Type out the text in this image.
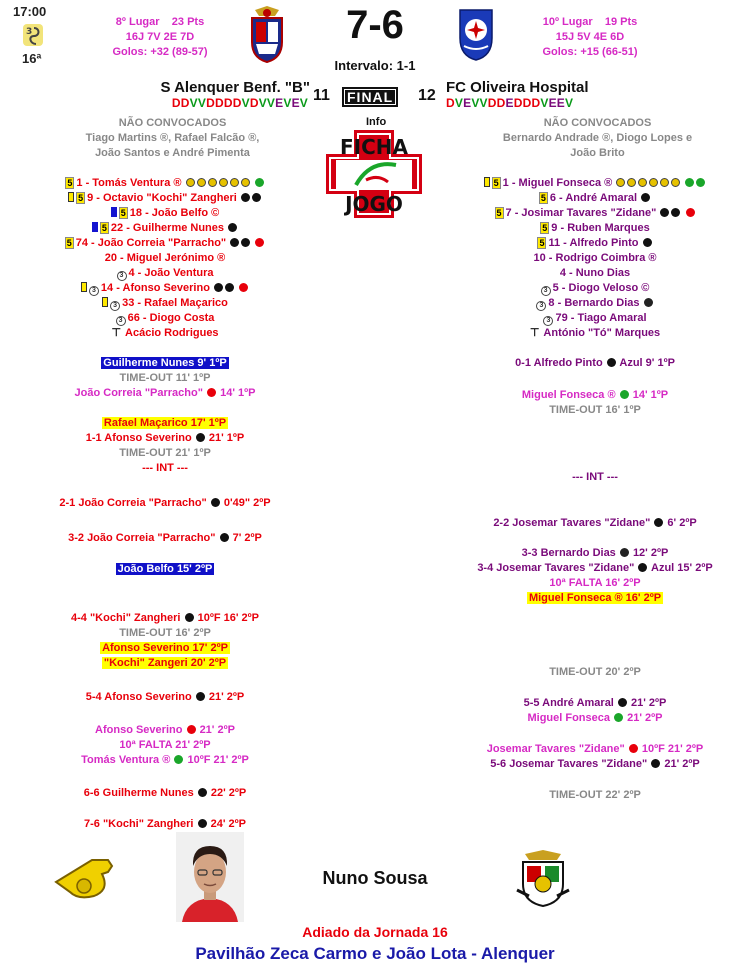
17:00
3
16ª
8º Lugar 23 Pts
16J 7V 2E 7D
Golos: +32 (89-57)
7-6
Intervalo: 1-1
10º Lugar 19 Pts
15J 5V 4E 6D
Golos: +15 (66-51)
S Alenquer Benf. "B"	FC Oliveira Hospital
11	FINAL	12
DDVVDDDDVDVVEVEV	DVEVVDDEDDDVEEV
Info
FICHA
JOGO
NÃO CONVOCADOS
Tiago Martins ®, Rafael Falcão ®,
João Santos e André Pimenta
NÃO CONVOCADOS
Bernardo Andrade ®, Diogo Lopes e
João Brito
5 1 - Tomás Ventura ®
5 9 - Octavio "Kochi" Zangheri
5 18 - João Belfo ©
5 22 - Guilherme Nunes
5 74 - João Correia "Parracho"
20 - Miguel Jerónimo ®
3 4 - João Ventura
3 14 - Afonso Severino
3 33 - Rafael Maçarico
3 66 - Diogo Costa
⊤ Acácio Rodrigues
5 1 - Miguel Fonseca ®
5 6 - André Amaral
5 7 - Josimar Tavares "Zidane"
5 9 - Ruben Marques
5 11 - Alfredo Pinto
10 - Rodrigo Coimbra ®
4 - Nuno Dias
3 5 - Diogo Veloso ©
3 8 - Bernardo Dias
3 79 - Tiago Amaral
⊤ António "Tó" Marques
Guilherme Nunes 9' 1ºP
TIME-OUT 11' 1ºP
João Correia "Parracho" 14' 1ºP
Rafael Maçarico 17' 1ºP
1-1 Afonso Severino 21' 1ºP
TIME-OUT 21' 1ºP
--- INT ---
2-1 João Correia "Parracho" 0'49" 2ºP
3-2 João Correia "Parracho" 7' 2ºP
João Belfo 15' 2ºP
4-4 "Kochi" Zangheri 10ºF 16' 2ºP
TIME-OUT 16' 2ºP
Afonso Severino 17' 2ºP
"Kochi" Zangeri 20' 2ºP
5-4 Afonso Severino 21' 2ºP
Afonso Severino 21' 2ºP
10ª FALTA 21' 2ºP
Tomás Ventura ® 10ºF 21' 2ºP
6-6 Guilherme Nunes 22' 2ºP
7-6 "Kochi" Zangheri 24' 2ºP
0-1 Alfredo Pinto Azul 9' 1ºP
Miguel Fonseca ® 14' 1ºP
TIME-OUT 16' 1ºP
--- INT ---
2-2 Josemar Tavares "Zidane" 6' 2ºP
3-3 Bernardo Dias 12' 2ºP
3-4 Josemar Tavares "Zidane" Azul 15' 2ºP
10ª FALTA 16' 2ºP
Miguel Fonseca ® 16' 2ºP
TIME-OUT 20' 2ºP
5-5 André Amaral 21' 2ºP
Miguel Fonseca 21' 2ºP
Josemar Tavares "Zidane" 10ºF 21' 2ºP
5-6 Josemar Tavares "Zidane" 21' 2ºP
TIME-OUT 22' 2ºP
Nuno Sousa
Adiado da Jornada 16
Pavilhão Zeca Carmo e João Lota - Alenquer
